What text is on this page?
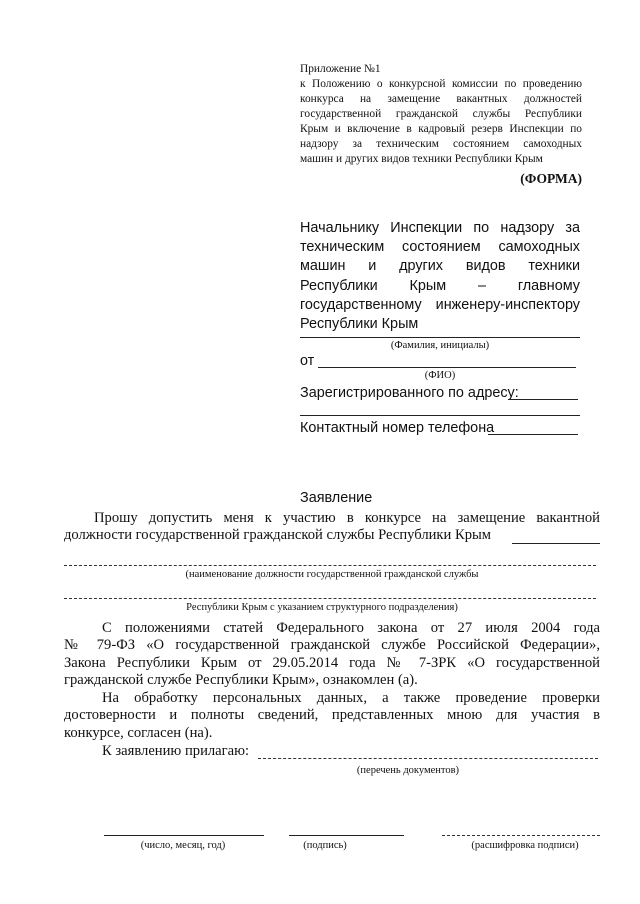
Приложение №1
к Положению о конкурсной комиссии по проведению
конкурса на замещение вакантных должностей
государственной гражданской службы Республики
Крым и включение в кадровый резерв Инспекции по
надзору за техническим состоянием самоходных
машин и других видов техники Республики Крым
(ФОРМА)
Начальнику Инспекции по надзору за
техническим состоянием самоходных
машин и других видов техники
Республики Крым – главному
государственному инженеру-инспектору
Республики Крым
(Фамилия, инициалы)
от
(ФИО)
Зарегистрированного по адресу:
Контактный номер телефона
Заявление
Прошу допустить меня к участию в конкурсе на замещение вакантной
должности государственной гражданской службы Республики Крым
(наименование должности государственной гражданской службы
Республики Крым с указанием структурного подразделения)
С положениями статей Федерального закона от 27 июля 2004 года
№ 79-ФЗ «О государственной гражданской службе Российской Федерации»,
Закона Республики Крым от 29.05.2014 года № 7-ЗРК «О государственной
гражданской службе Республики Крым», ознакомлен (а).
На обработку персональных данных, а также проведение проверки
достоверности и полноты сведений, представленных мною для участия в
конкурсе, согласен (на).
К заявлению прилагаю:
(перечень документов)
(число, месяц, год)	(подпись)	(расшифровка подписи)
